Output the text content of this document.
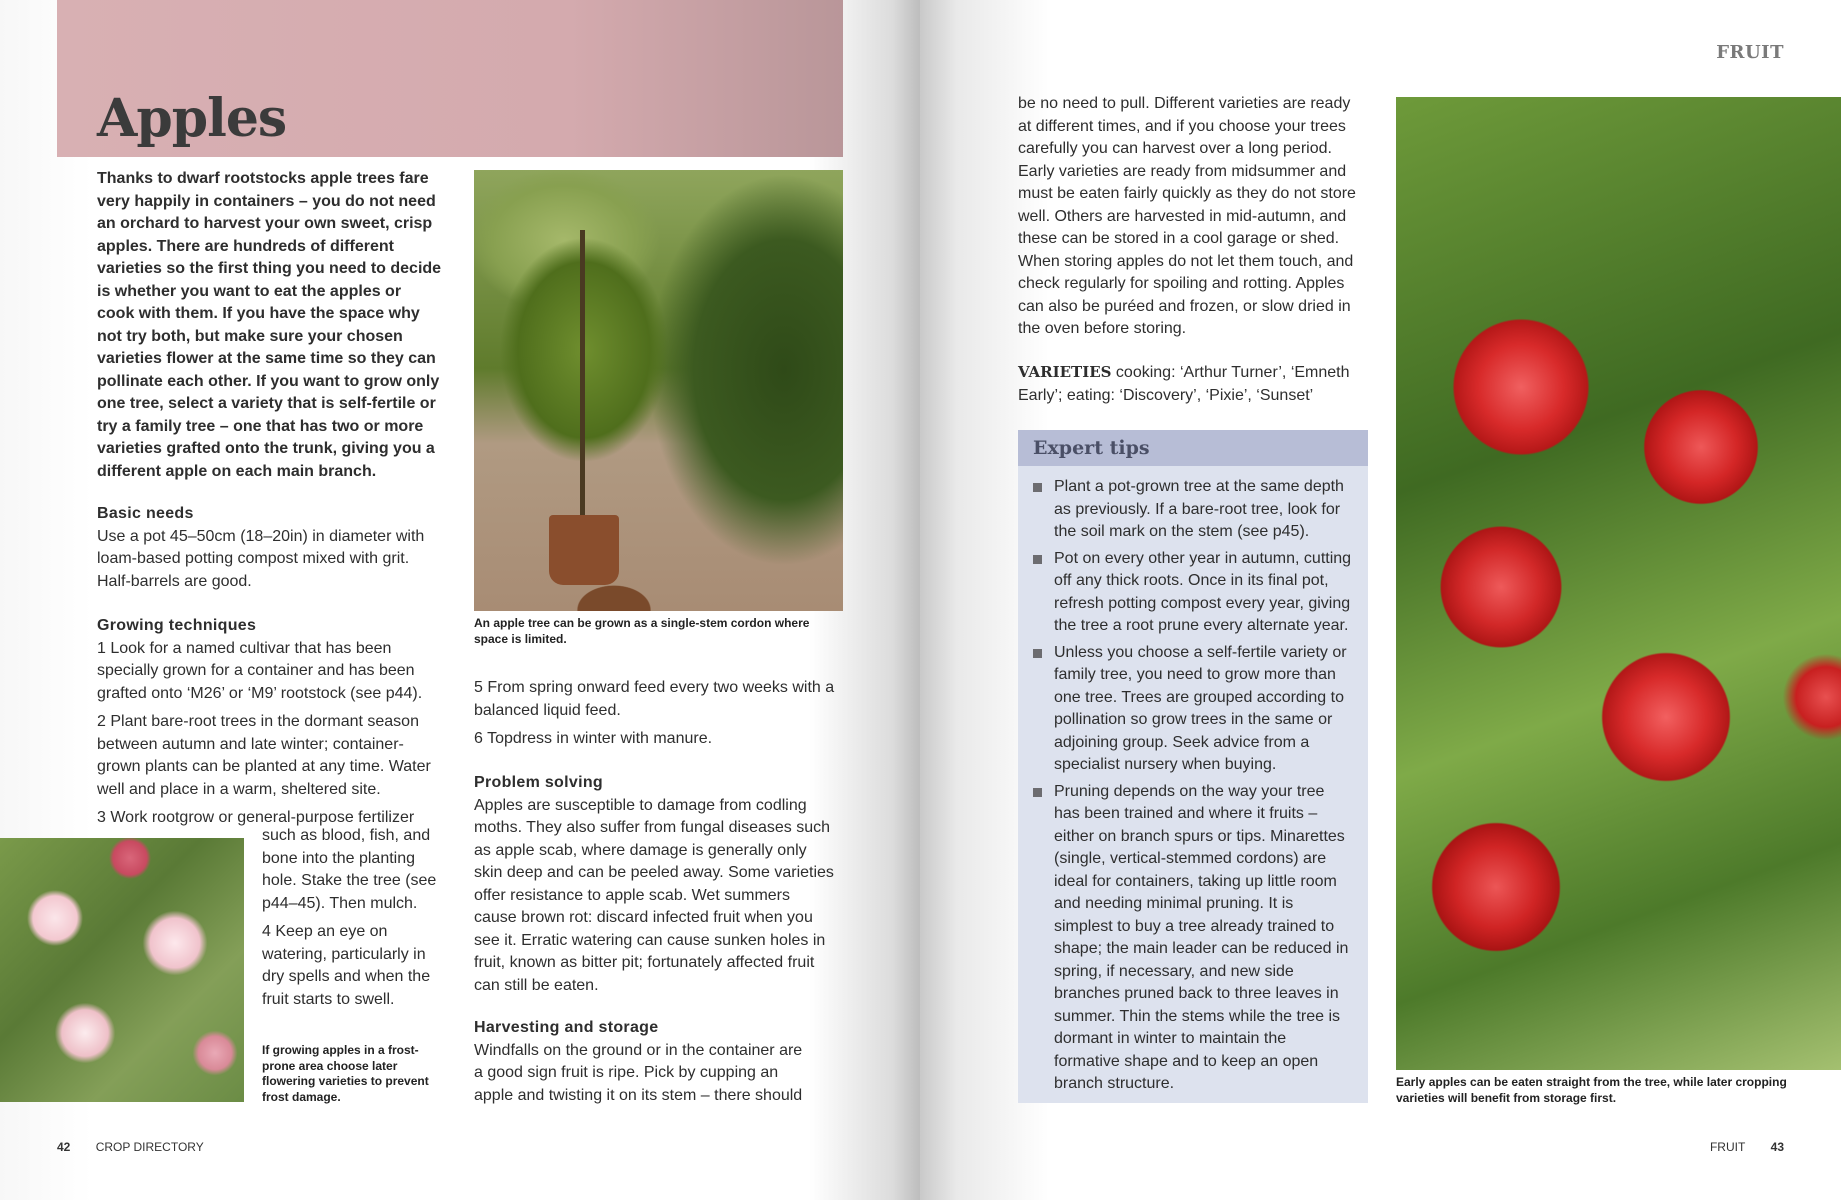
Apples

Thanks to dwarf rootstocks apple trees fare very happily in containers – you do not need an orchard to harvest your own sweet, crisp apples. There are hundreds of different varieties so the first thing you need to decide is whether you want to eat the apples or cook with them. If you have the space why not try both, but make sure your chosen varieties flower at the same time so they can pollinate each other. If you want to grow only one tree, select a variety that is self-fertile or try a family tree – one that has two or more varieties grafted onto the trunk, giving you a different apple on each main branch.

Basic needs

Use a pot 45–50cm (18–20in) in diameter with loam-based potting compost mixed with grit. Half-barrels are good.

Growing techniques

1 Look for a named cultivar that has been specially grown for a container and has been grafted onto ‘M26’ or ‘M9’ rootstock (see p44).

2 Plant bare-root trees in the dormant season between autumn and late winter; container-grown plants can be planted at any time. Water well and place in a warm, sheltered site.

3 Work rootgrow or general-purpose fertilizer

such as blood, fish, and bone into the planting hole. Stake the tree (see p44–45). Then mulch.

4 Keep an eye on watering, particularly in dry spells and when the fruit starts to swell.

If growing apples in a frost-prone area choose later flowering varieties to prevent frost damage.
An apple tree can be grown as a single-stem cordon where space is limited.

5 From spring onward feed every two weeks with a balanced liquid feed.

6 Topdress in winter with manure.

Problem solving

Apples are susceptible to damage from codling moths. They also suffer from fungal diseases such as apple scab, where damage is generally only skin deep and can be peeled away. Some varieties offer resistance to apple scab. Wet summers cause brown rot: discard infected fruit when you see it. Erratic watering can cause sunken holes in fruit, known as bitter pit; fortunately affected fruit can still be eaten.

Harvesting and storage

Windfalls on the ground or in the container are a good sign fruit is ripe. Pick by cupping an apple and twisting it on its stem – there should

42 CROP DIRECTORY
FRUIT

be no need to pull. Different varieties are ready at different times, and if you choose your trees carefully you can harvest over a long period. Early varieties are ready from midsummer and must be eaten fairly quickly as they do not store well. Others are harvested in mid-autumn, and these can be stored in a cool garage or shed. When storing apples do not let them touch, and check regularly for spoiling and rotting. Apples can also be puréed and frozen, or slow dried in the oven before storing.

VARIETIES cooking: ‘Arthur Turner’, ‘Emneth Early’; eating: ‘Discovery’, ‘Pixie’, ‘Sunset’

Expert tips
Plant a pot-grown tree at the same depth as previously. If a bare-root tree, look for the soil mark on the stem (see p45).
Pot on every other year in autumn, cutting off any thick roots. Once in its final pot, refresh potting compost every year, giving the tree a root prune every alternate year.
Unless you choose a self-fertile variety or family tree, you need to grow more than one tree. Trees are grouped according to pollination so grow trees in the same or adjoining group. Seek advice from a specialist nursery when buying.
Pruning depends on the way your tree has been trained and where it fruits – either on branch spurs or tips. Minarettes (single, vertical-stemmed cordons) are ideal for containers, taking up little room and needing minimal pruning. It is simplest to buy a tree already trained to shape; the main leader can be reduced in spring, if necessary, and new side branches pruned back to three leaves in summer. Thin the stems while the tree is dormant in winter to maintain the formative shape and to keep an open branch structure.	Early apples can be eaten straight from the tree, while later cropping varieties will benefit from storage first.
FRUIT 43
